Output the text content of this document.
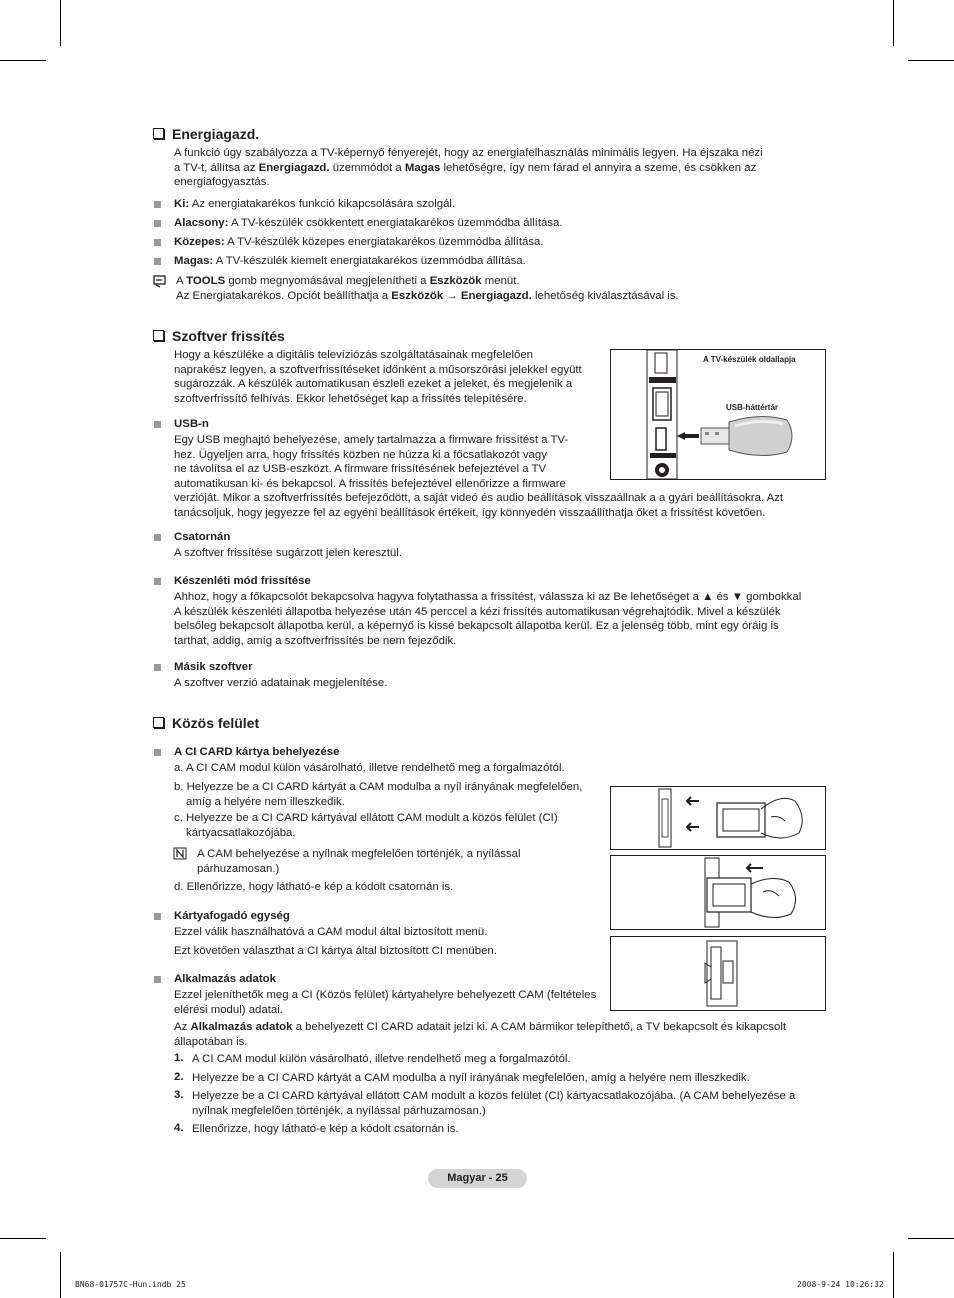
Energiagazd.
A funkció úgy szabályozza a TV-képernyő fényerejét, hogy az energiafelhasználás minimális legyen. Ha éjszaka nézi
a TV-t, állítsa az Energiagazd. üzemmódot a Magas lehetőségre, így nem fárad el annyira a szeme, és csökken az
energiafogyasztás.
Ki: Az energiatakarékos funkció kikapcsolására szolgál.
Alacsony: A TV-készülék csökkentett energiatakarékos üzemmódba állítása.
Közepes: A TV-készülék közepes energiatakarékos üzemmódba állítása.
Magas: A TV-készülék kiemelt energiatakarékos üzemmódba állítása.
A TOOLS gomb megnyomásával megjelenítheti a Eszközök menüt.
Az Energiatakarékos. Opciót beállíthatja a Eszközök → Energiagazd. lehetőség kiválasztásával is.
Szoftver frissítés
Hogy a készüléke a digitális televíziózás szolgáltatásainak megfelelően
naprakész legyen, a szoftverfrissítéseket időnként a műsorszórási jelekkel együtt
sugározzák. A készülék automatikusan észleli ezeket a jeleket, és megjelenik a
szoftverfrissítő felhívás. Ekkor lehetőséget kap a frissítés telepítésére.
A TV-készülék oldallapja
USB-háttértár
USB-n
Egy USB meghajtó behelyezése, amely tartalmazza a firmware frissítést a TV-
hez. Ügyeljen arra, hogy frissítés közben ne húzza ki a főcsatlakozót vagy
ne távolítsa el az USB-eszközt. A firmware frissítésének befejeztével a TV
automatikusan ki- és bekapcsol. A frissítés befejeztével ellenőrizze a firmware
verzióját. Mikor a szoftverfrissítés befejeződött, a saját videó és audio beállítások visszaállnak a a gyári beállításokra. Azt
tanácsoljuk, hogy jegyezze fel az egyéni beállítások értékeit, így könnyedén visszaállíthatja őket a frissítést követően.
Csatornán
A szoftver frissítése sugárzott jelen keresztül.
Készenléti mód frissítése
Ahhoz, hogy a főkapcsolót bekapcsolva hagyva folytathassa a frissítést, válassza ki az Be lehetőséget a ▲ és ▼ gombokkal
A készülék készenléti állapotba helyezése után 45 perccel a kézi frissítés automatikusan végrehajtódik. Mivel a készülék
belsőleg bekapcsolt állapotba kerül, a képernyő is kissé bekapcsolt állapotba kerül. Ez a jelenség több, mint egy óráig is
tarthat, addig, amíg a szoftverfrissítés be nem fejeződik.
Másik szoftver
A szoftver verzió adatainak megjelenítése.
Közös felület
A CI CARD kártya behelyezése
a. A CI CAM modul külön vásárolható, illetve rendelhető meg a forgalmazótól.
b. Helyezze be a CI CARD kártyát a CAM modulba a nyíl irányának megfelelően,
amíg a helyére nem illeszkedik.
c. Helyezze be a CI CARD kártyával ellátott CAM modult a közös felület (CI)
kártyacsatlakozójába.
A CAM behelyezése a nyílnak megfelelően történjék, a nyílással
párhuzamosan.)
d. Ellenőrizze, hogy látható-e kép a kódolt csatornán is.
Kártyafogadó egység
Ezzel válik használhatóvá a CAM modul által biztosított menü.
Ezt követően választhat a CI kártya által biztosított CI menüben.
Alkalmazás adatok
Ezzel jeleníthetők meg a CI (Közös felület) kártyahelyre behelyezett CAM (feltételes
elérési modul) adatai.
Az Alkalmazás adatok a behelyezett CI CARD adatait jelzi ki. A CAM bármikor telepíthető, a TV bekapcsolt és kikapcsolt
állapotában is.
1. A CI CAM modul külön vásárolható, illetve rendelhető meg a forgalmazótól.
2. Helyezze be a CI CARD kártyát a CAM modulba a nyíl irányának megfelelően, amíg a helyére nem illeszkedik.
3. Helyezze be a CI CARD kártyával ellátott CAM modult a közös felület (CI) kártyacsatlakozójába. (A CAM behelyezése a
nyílnak megfelelően történjék, a nyílással párhuzamosan.)
4. Ellenőrizze, hogy látható-e kép a kódolt csatornán is.
Magyar - 25
BN68-01757C-Hun.indb 25	2008-9-24 10:26:32
